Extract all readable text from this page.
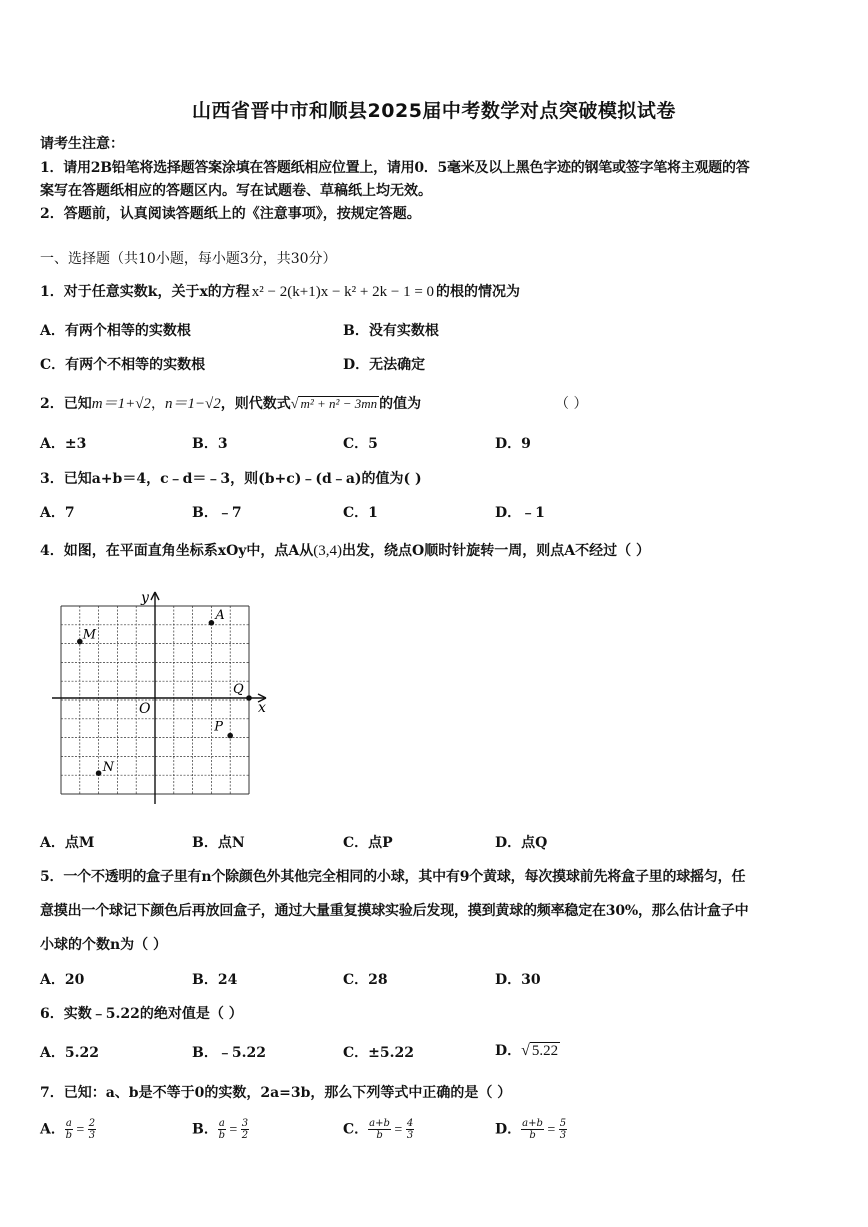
山西省晋中市和顺县2025届中考数学对点突破模拟试卷
请考生注意：
1．请用2B铅笔将选择题答案涂填在答题纸相应位置上，请用0．5毫米及以上黑色字迹的钢笔或签字笔将主观题的答
案写在答题纸相应的答题区内。写在试题卷、草稿纸上均无效。
2．答题前，认真阅读答题纸上的《注意事项》，按规定答题。
一、选择题（共10小题，每小题3分，共30分）
1．对于任意实数k，关于x的方程 x² − 2(k+1)x − k² + 2k − 1 = 0 的根的情况为
A．有两个相等的实数根	B．没有实数根
C．有两个不相等的实数根	D．无法确定
2．已知m＝1+√2，n＝1−√2，则代数式√ m² + n² − 3mn 的值为	（ ）
A．±3	B．3	C．5	D．9
3．已知a+b＝4，c﹣d＝﹣3，则(b+c)﹣(d﹣a)的值为( )
A．7	B．﹣7	C．1	D．﹣1
4．如图，在平面直角坐标系xOy中，点A从(3,4)出发，绕点O顺时针旋转一周，则点A不经过（ ）
x
y
O
A
M
Q
P
N
A．点M	B．点N	C．点P	D．点Q
5．一个不透明的盒子里有n个除颜色外其他完全相同的小球，其中有9个黄球，每次摸球前先将盒子里的球摇匀，任
意摸出一个球记下颜色后再放回盒子，通过大量重复摸球实验后发现，摸到黄球的频率稳定在30%，那么估计盒子中
小球的个数n为（ ）
A．20	B．24	C．28	D．30
6．实数﹣5.22的绝对值是（ ）
A．5.22	B．﹣5.22	C．±5.22	D．√ 5.22
7．已知：a、b是不等于0的实数，2a=3b，那么下列等式中正确的是（ ）
A． $\frac{a}{b} = \frac{2}{3}$	B． $\frac{a}{b} = \frac{3}{2}$	C． $\frac{a+b}{b} = \frac{4}{3}$	D． $\frac{a+b}{b} = \frac{5}{3}$
